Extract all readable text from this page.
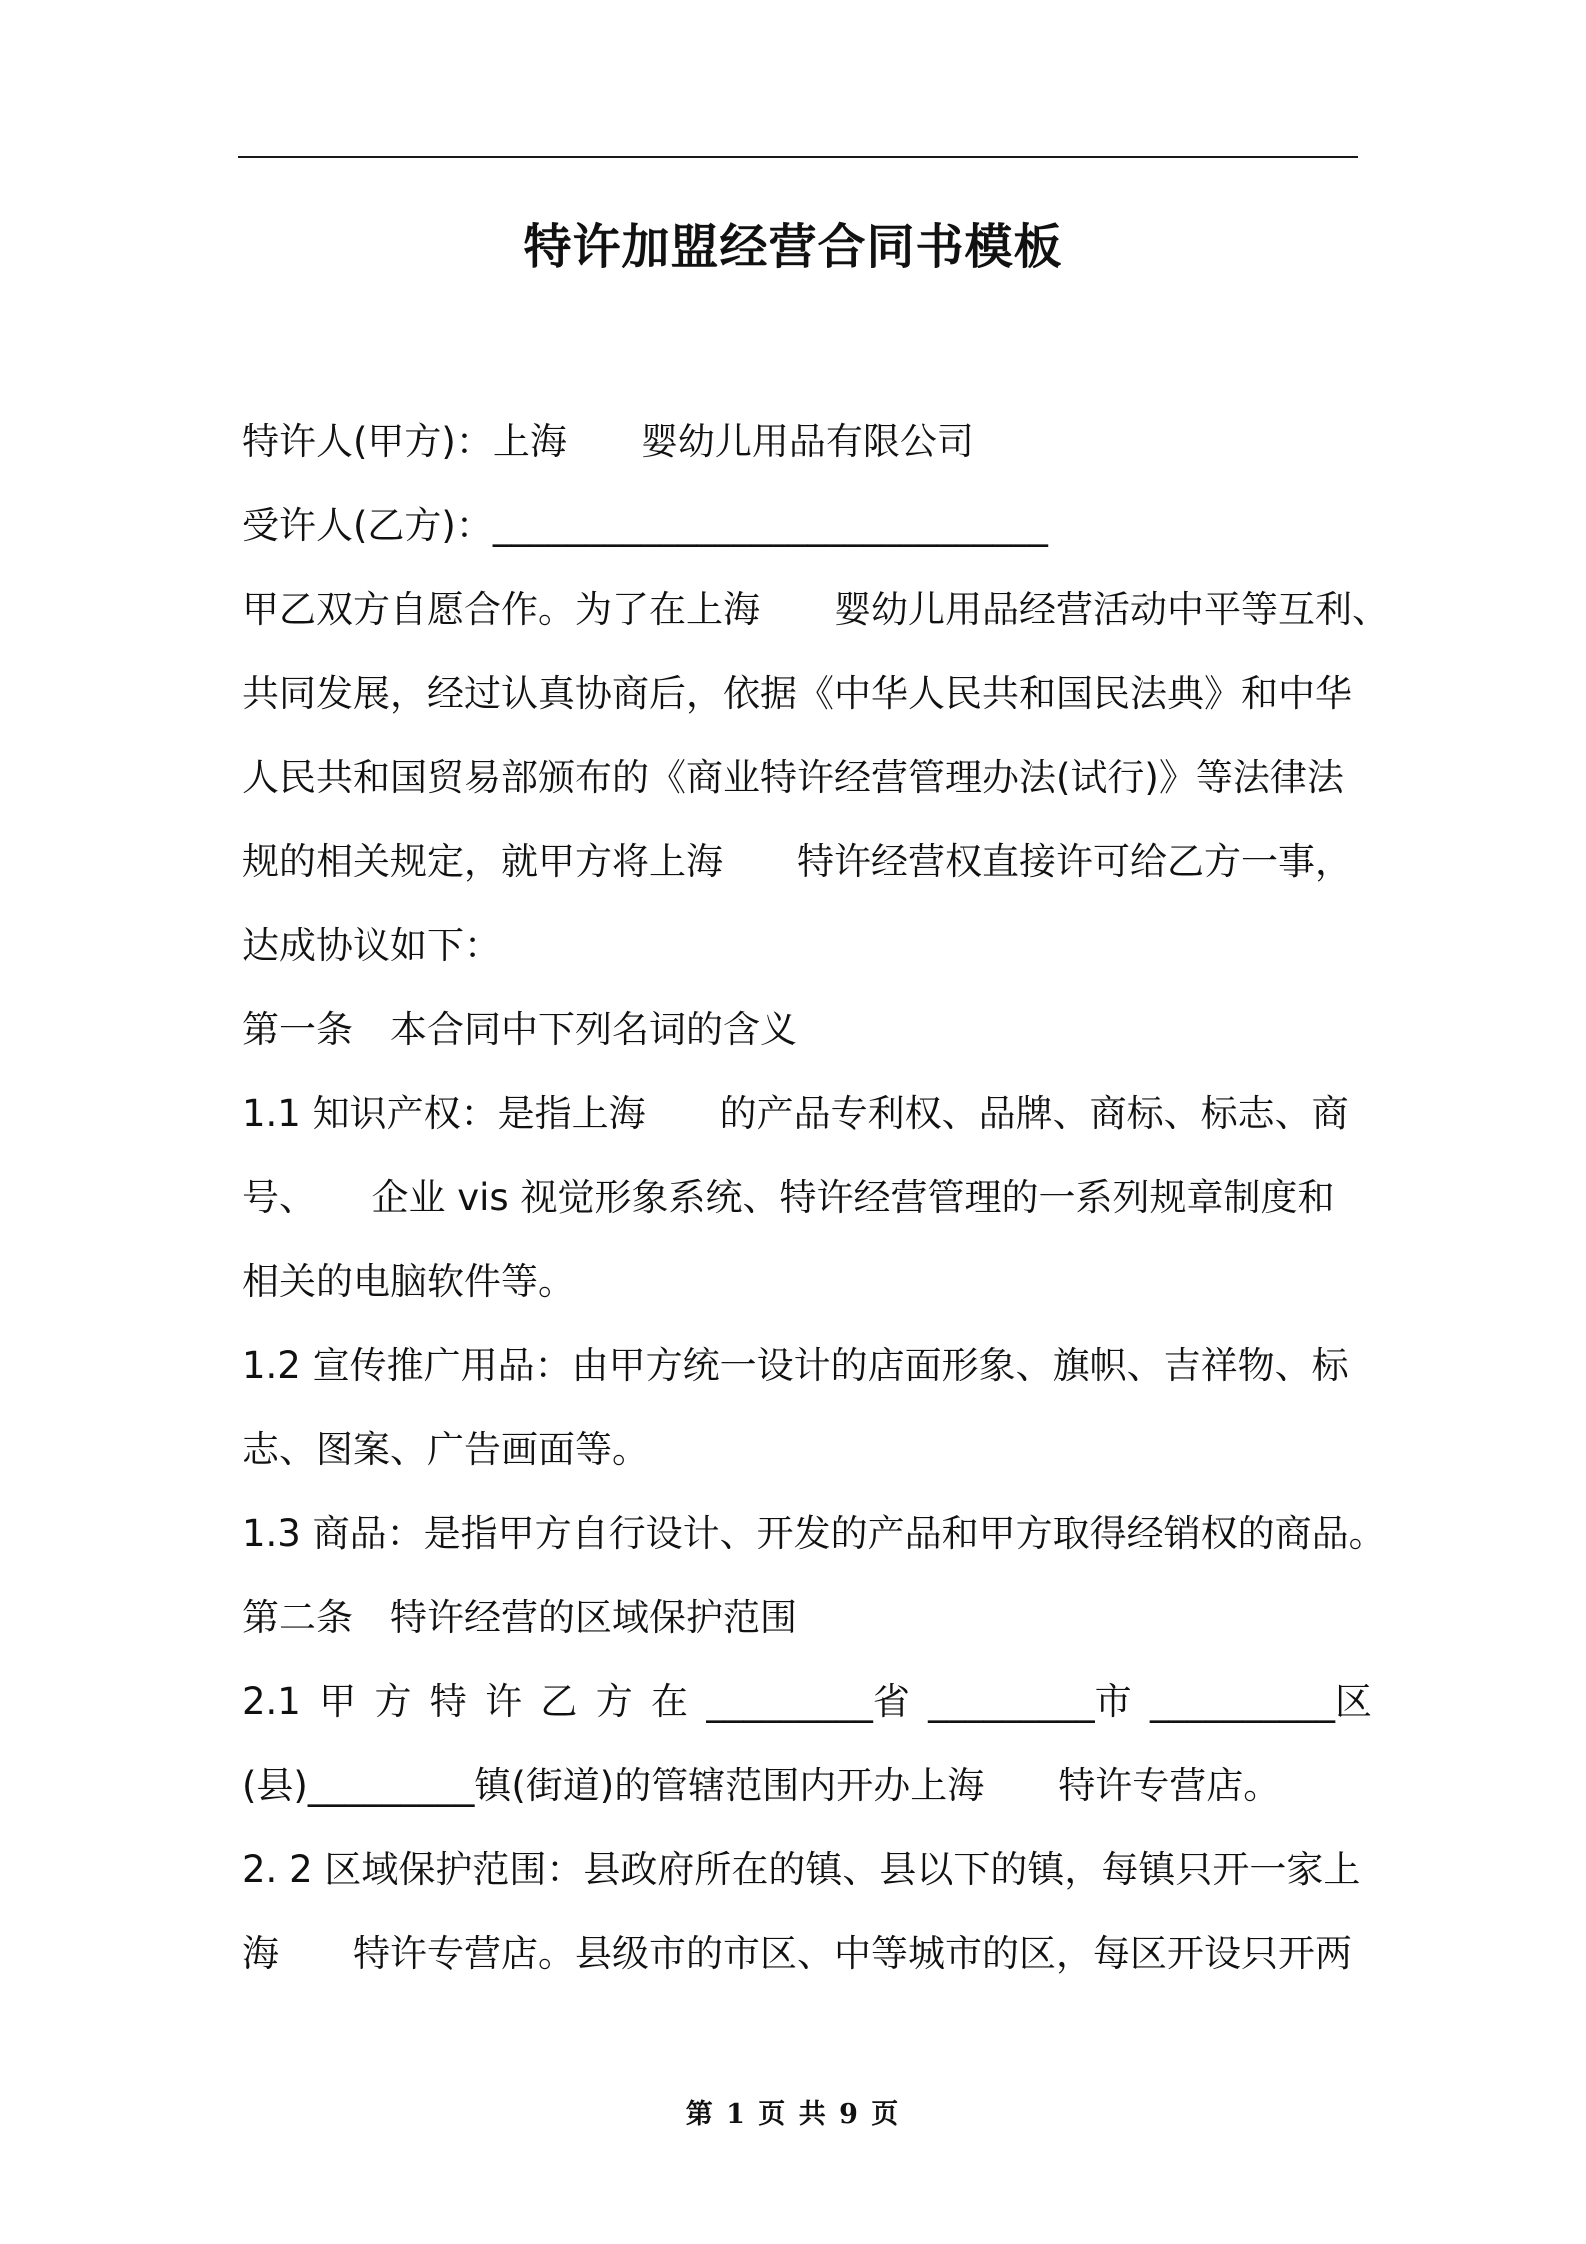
特许加盟经营合同书模板

特许人(甲方)：上海　　婴幼儿用品有限公司

受许人(乙方)：______________________________

甲乙双方自愿合作。为了在上海　　婴幼儿用品经营活动中平等互利、

共同发展，经过认真协商后，依据《中华人民共和国民法典》和中华

人民共和国贸易部颁布的《商业特许经营管理办法(试行)》等法律法

规的相关规定，就甲方将上海　　特许经营权直接许可给乙方一事，

达成协议如下：

第一条　本合同中下列名词的含义

1.1 知识产权：是指上海　　的产品专利权、品牌、商标、标志、商

号、　　企业 vis 视觉形象系统、特许经营管理的一系列规章制度和

相关的电脑软件等。

1.2 宣传推广用品：由甲方统一设计的店面形象、旗帜、吉祥物、标

志、图案、广告画面等。

1.3 商品：是指甲方自行设计、开发的产品和甲方取得经销权的商品。

第二条　特许经营的区域保护范围

2.1 甲 方 特 许 乙 方 在 _________省 _________市 __________区

(县)_________镇(街道)的管辖范围内开办上海　　特许专营店。

2. 2 区域保护范围：县政府所在的镇、县以下的镇，每镇只开一家上

海　　特许专营店。县级市的市区、中等城市的区，每区开设只开两

第 1 页 共 9 页
